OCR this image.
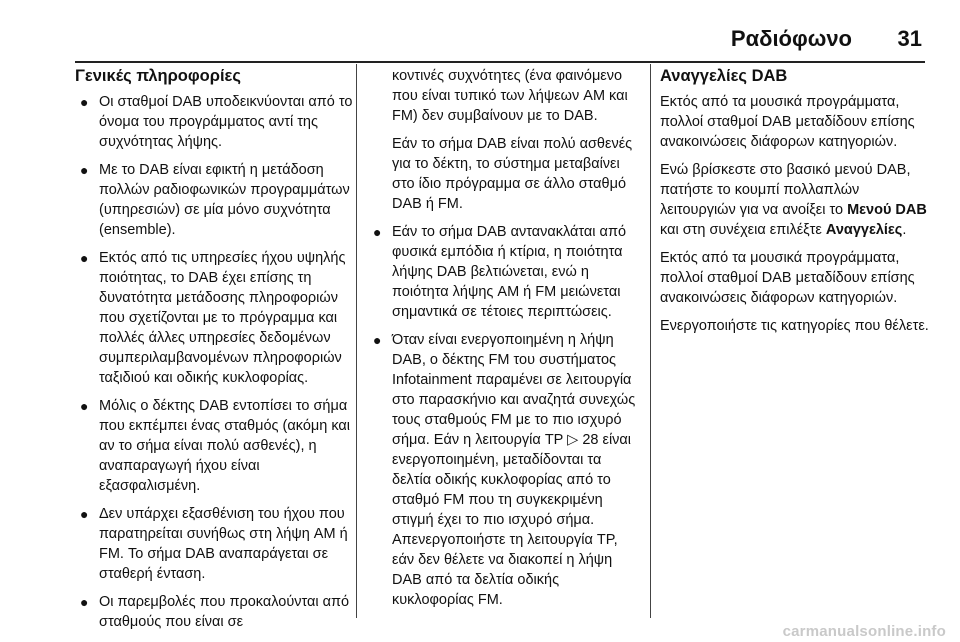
Ραδιόφωνο 31
Γενικές πληροφορίες
● Οι σταθμοί DAB υποδεικνύονται από το όνομα του προγράμματος αντί της συχνότητας λήψης.
● Με το DAB είναι εφικτή η μετάδοση πολλών ραδιοφωνικών προγραμμάτων (υπηρεσιών) σε μία μόνο συχνότητα (ensemble).
● Εκτός από τις υπηρεσίες ήχου υψηλής ποιότητας, το DAB έχει επίσης τη δυνατότητα μετάδοσης πληροφοριών που σχετίζονται με το πρόγραμμα και πολλές άλλες υπηρεσίες δεδομένων συμπεριλαμβανομένων πληροφοριών ταξιδιού και οδικής κυκλοφορίας.
● Μόλις ο δέκτης DAB εντοπίσει το σήμα που εκπέμπει ένας σταθμός (ακόμη και αν το σήμα είναι πολύ ασθενές), η αναπαραγωγή ήχου είναι εξασφαλισμένη.
● Δεν υπάρχει εξασθένιση του ήχου που παρατηρείται συνήθως στη λήψη AM ή FM. Το σήμα DAB αναπαράγεται σε σταθερή ένταση.
● Οι παρεμβολές που προκαλούνται από σταθμούς που είναι σε

κοντινές συχνότητες (ένα φαινόμενο που είναι τυπικό των λήψεων AM και FM) δεν συμβαίνουν με το DAB.

Εάν το σήμα DAB είναι πολύ ασθενές για το δέκτη, το σύστημα μεταβαίνει στο ίδιο πρόγραμμα σε άλλο σταθμό DAB ή FM.

● Εάν το σήμα DAB αντανακλάται από φυσικά εμπόδια ή κτίρια, η ποιότητα λήψης DAB βελτιώνεται, ενώ η ποιότητα λήψης AM ή FM μειώνεται σημαντικά σε τέτοιες περιπτώσεις.
● Όταν είναι ενεργοποιημένη η λήψη DAB, ο δέκτης FM του συστήματος Infotainment παραμένει σε λειτουργία στο παρασκήνιο και αναζητά συνεχώς τους σταθμούς FM με το πιο ισχυρό σήμα. Εάν η λειτουργία TP ▷ 28 είναι ενεργοποιημένη, μεταδίδονται τα δελτία οδικής κυκλοφορίας από το σταθμό FM που τη συγκεκριμένη στιγμή έχει το πιο ισχυρό σήμα. Απενεργοποιήστε τη λειτουργία TP, εάν δεν θέλετε να διακοπεί η λήψη DAB από τα δελτία οδικής κυκλοφορίας FM.
Αναγγελίες DAB

Εκτός από τα μουσικά προγράμματα, πολλοί σταθμοί DAB μεταδίδουν επίσης ανακοινώσεις διάφορων κατηγοριών.

Ενώ βρίσκεστε στο βασικό μενού DAB, πατήστε το κουμπί πολλαπλών λειτουργιών για να ανοίξει το Μενού DAB και στη συνέχεια επιλέξτε Αναγγελίες.

Εκτός από τα μουσικά προγράμματα, πολλοί σταθμοί DAB μεταδίδουν επίσης ανακοινώσεις διάφορων κατηγοριών.

Ενεργοποιήστε τις κατηγορίες που θέλετε.

carmanualsonline.info
